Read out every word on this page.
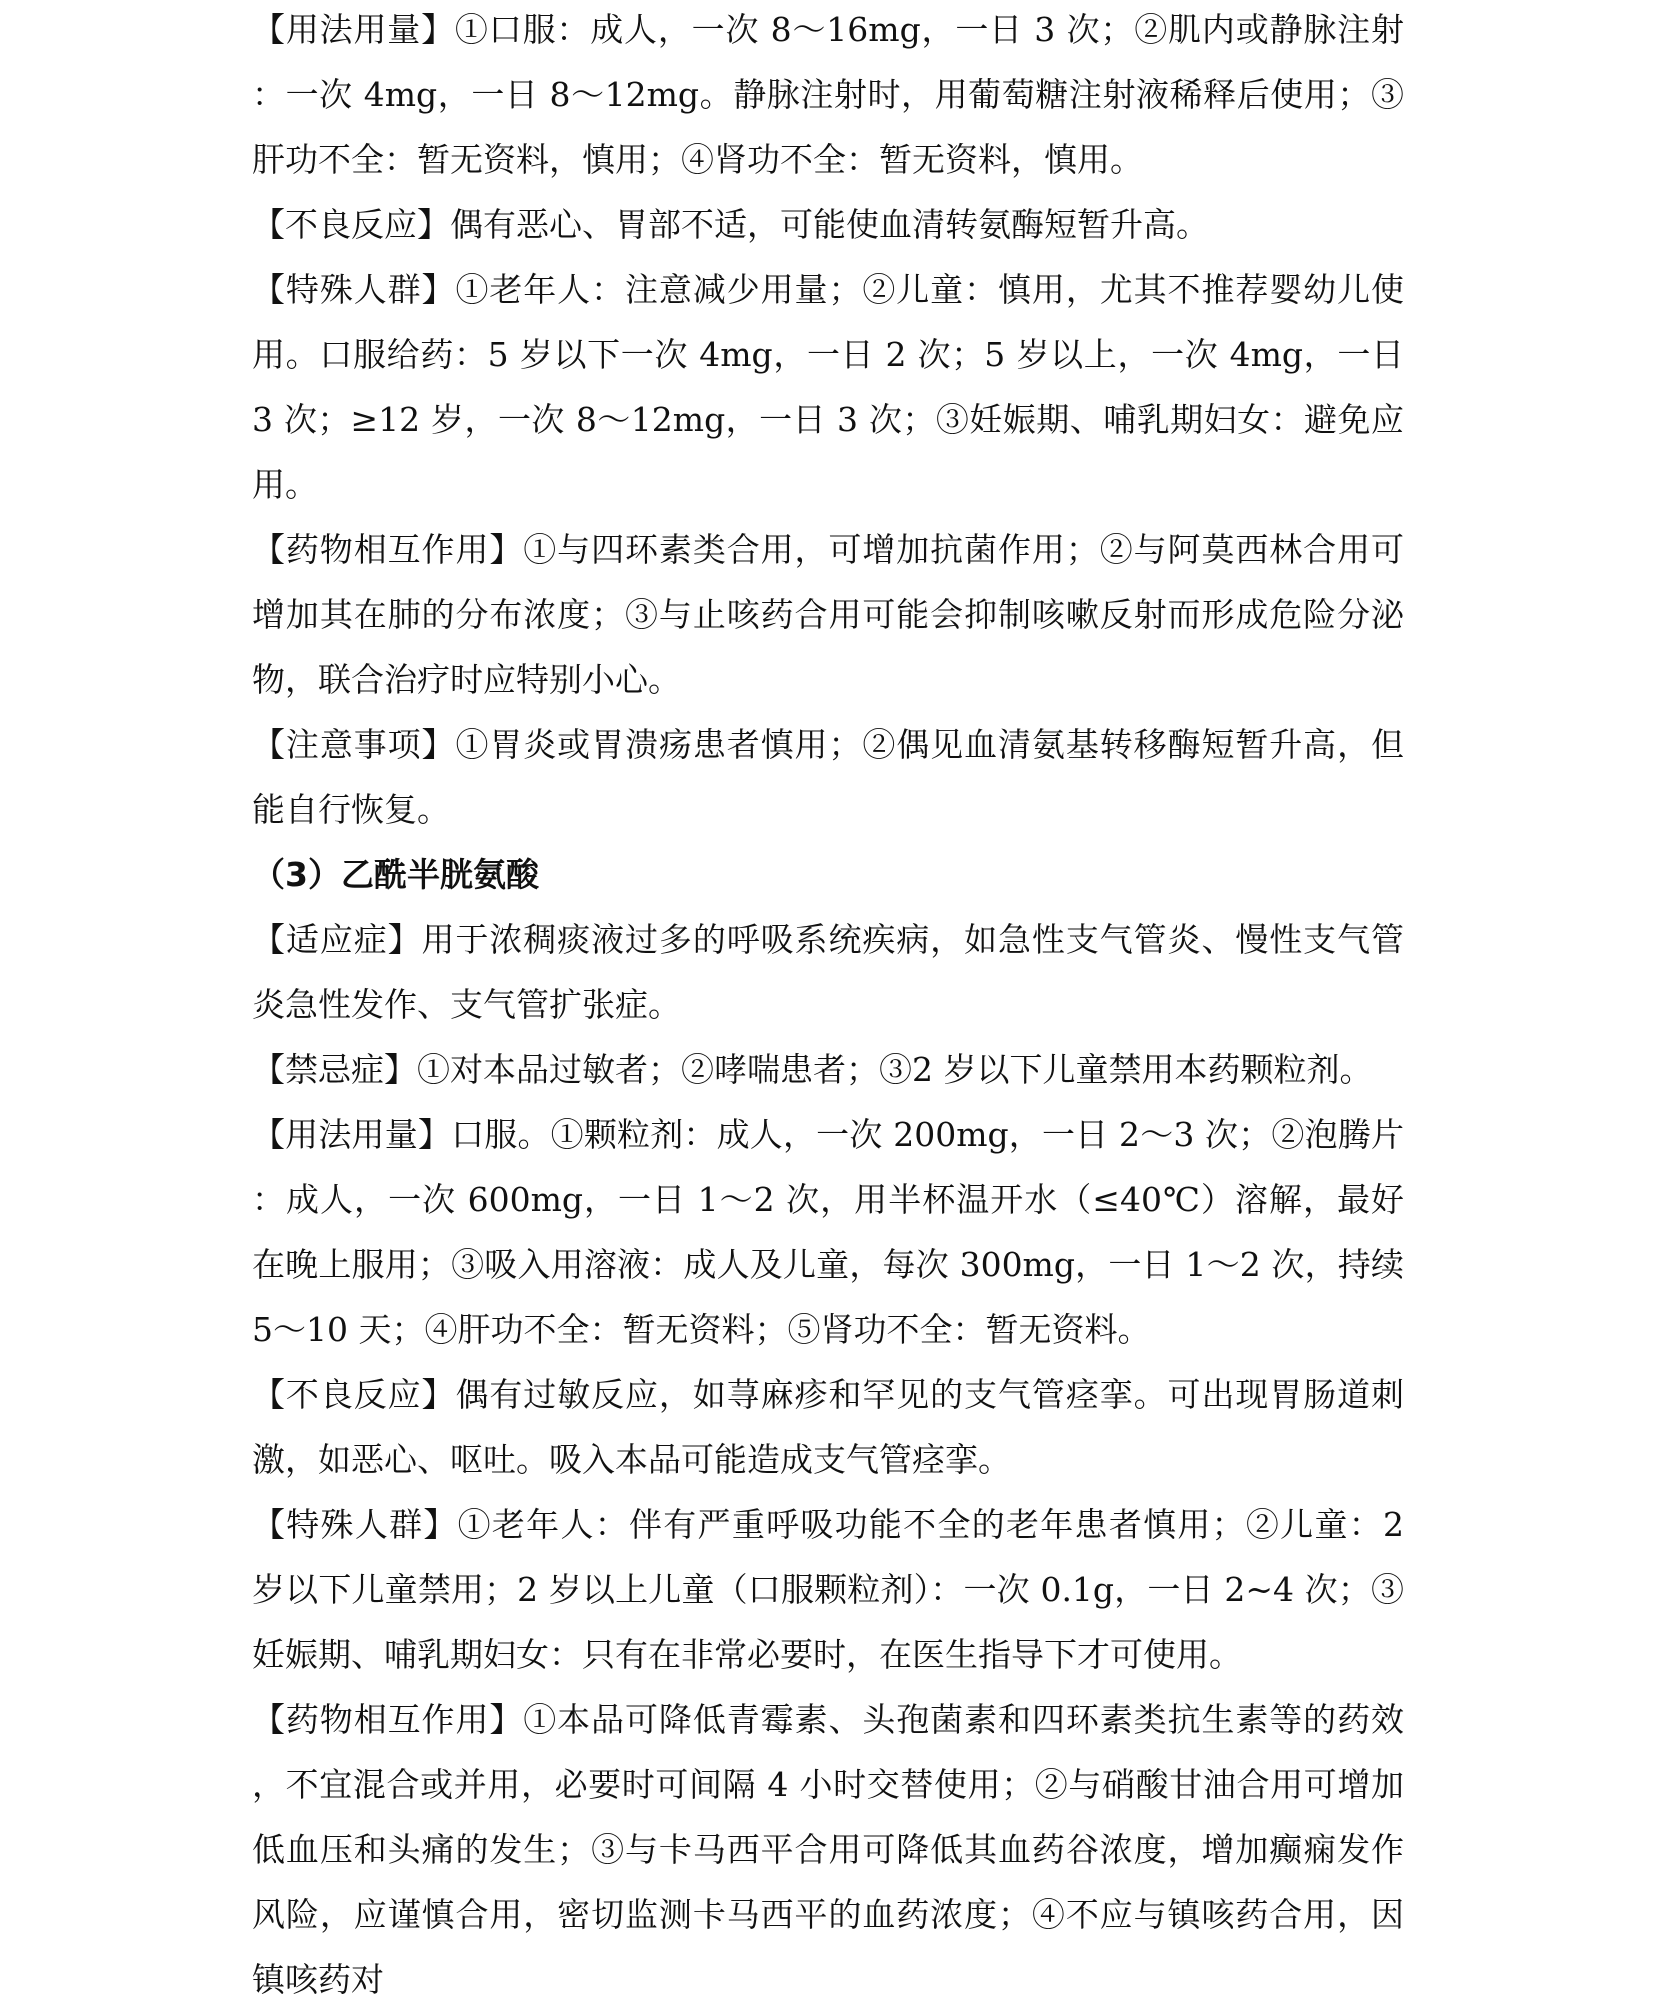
【用法用量】①口服：成人，一次 8～16mg，一日 3 次；②肌内或静脉注射：一次 4mg，一日 8～12mg。静脉注射时，用葡萄糖注射液稀释后使用；③肝功不全：暂无资料，慎用；④肾功不全：暂无资料，慎用。

【不良反应】偶有恶心、胃部不适，可能使血清转氨酶短暂升高。

【特殊人群】①老年人：注意减少用量；②儿童：慎用，尤其不推荐婴幼儿使用。口服给药：5 岁以下一次 4mg，一日 2 次；5 岁以上，一次 4mg，一日 3 次；≥12 岁，一次 8～12mg，一日 3 次；③妊娠期、哺乳期妇女：避免应用。

【药物相互作用】①与四环素类合用，可增加抗菌作用；②与阿莫西林合用可增加其在肺的分布浓度；③与止咳药合用可能会抑制咳嗽反射而形成危险分泌物，联合治疗时应特别小心。

【注意事项】①胃炎或胃溃疡患者慎用；②偶见血清氨基转移酶短暂升高，但能自行恢复。

（3）乙酰半胱氨酸

【适应症】用于浓稠痰液过多的呼吸系统疾病，如急性支气管炎、慢性支气管炎急性发作、支气管扩张症。

【禁忌症】①对本品过敏者；②哮喘患者；③2 岁以下儿童禁用本药颗粒剂。

【用法用量】口服。①颗粒剂：成人，一次 200mg，一日 2～3 次；②泡腾片：成人，一次 600mg，一日 1～2 次，用半杯温开水（≤40℃）溶解，最好在晚上服用；③吸入用溶液：成人及儿童，每次 300mg，一日 1～2 次，持续 5～10 天；④肝功不全：暂无资料；⑤肾功不全：暂无资料。

【不良反应】偶有过敏反应，如荨麻疹和罕见的支气管痉挛。可出现胃肠道刺激，如恶心、呕吐。吸入本品可能造成支气管痉挛。

【特殊人群】①老年人：伴有严重呼吸功能不全的老年患者慎用；②儿童：2 岁以下儿童禁用；2 岁以上儿童（口服颗粒剂）：一次 0.1g，一日 2~4 次；③妊娠期、哺乳期妇女：只有在非常必要时，在医生指导下才可使用。

【药物相互作用】①本品可降低青霉素、头孢菌素和四环素类抗生素等的药效，不宜混合或并用，必要时可间隔 4 小时交替使用；②与硝酸甘油合用可增加低血压和头痛的发生；③与卡马西平合用可降低其血药谷浓度，增加癫痫发作风险，应谨慎合用，密切监测卡马西平的血药浓度；④不应与镇咳药合用，因镇咳药对
